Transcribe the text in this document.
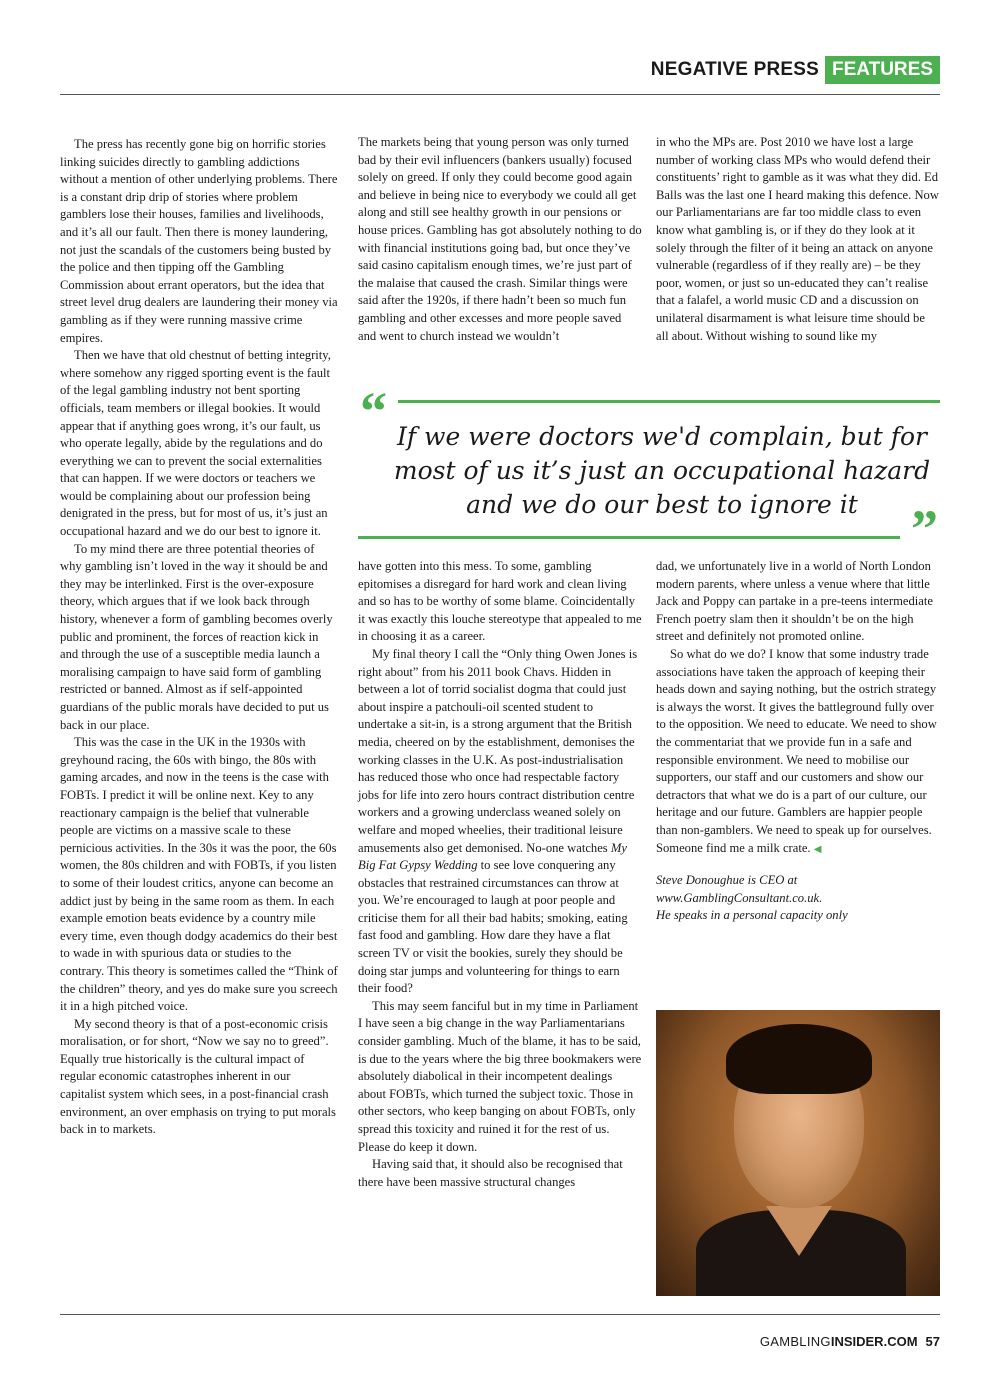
NEGATIVE PRESS FEATURES

The press has recently gone big on horrific stories linking suicides directly to gambling addictions without a mention of other underlying problems. There is a constant drip drip of stories where problem gamblers lose their houses, families and livelihoods, and it’s all our fault. Then there is money laundering, not just the scandals of the customers being busted by the police and then tipping off the Gambling Commission about errant operators, but the idea that street level drug dealers are laundering their money via gambling as if they were running massive crime empires.

Then we have that old chestnut of betting integrity, where somehow any rigged sporting event is the fault of the legal gambling industry not bent sporting officials, team members or illegal bookies. It would appear that if anything goes wrong, it’s our fault, us who operate legally, abide by the regulations and do everything we can to prevent the social externalities that can happen. If we were doctors or teachers we would be complaining about our profession being denigrated in the press, but for most of us, it’s just an occupational hazard and we do our best to ignore it.

To my mind there are three potential theories of why gambling isn’t loved in the way it should be and they may be interlinked. First is the over-exposure theory, which argues that if we look back through history, whenever a form of gambling becomes overly public and prominent, the forces of reaction kick in and through the use of a susceptible media launch a moralising campaign to have said form of gambling restricted or banned. Almost as if self-appointed guardians of the public morals have decided to put us back in our place.

This was the case in the UK in the 1930s with greyhound racing, the 60s with bingo, the 80s with gaming arcades, and now in the teens is the case with FOBTs. I predict it will be online next. Key to any reactionary campaign is the belief that vulnerable people are victims on a massive scale to these pernicious activities. In the 30s it was the poor, the 60s women, the 80s children and with FOBTs, if you listen to some of their loudest critics, anyone can become an addict just by being in the same room as them. In each example emotion beats evidence by a country mile every time, even though dodgy academics do their best to wade in with spurious data or studies to the contrary. This theory is sometimes called the “Think of the children” theory, and yes do make sure you screech it in a high pitched voice.

My second theory is that of a post-economic crisis moralisation, or for short, “Now we say no to greed”. Equally true historically is the cultural impact of regular economic catastrophes inherent in our capitalist system which sees, in a post-financial crash environment, an over emphasis on trying to put morals back in to markets.

The markets being that young person was only turned bad by their evil influencers (bankers usually) focused solely on greed. If only they could become good again and believe in being nice to everybody we could all get along and still see healthy growth in our pensions or house prices. Gambling has got absolutely nothing to do with financial institutions going bad, but once they’ve said casino capitalism enough times, we’re just part of the malaise that caused the crash. Similar things were said after the 1920s, if there hadn’t been so much fun gambling and other excesses and more people saved and went to church instead we wouldn’t

in who the MPs are. Post 2010 we have lost a large number of working class MPs who would defend their constituents’ right to gamble as it was what they did. Ed Balls was the last one I heard making this defence. Now our Parliamentarians are far too middle class to even know what gambling is, or if they do they look at it solely through the filter of it being an attack on anyone vulnerable (regardless of if they really are) – be they poor, women, or just so un-educated they can’t realise that a falafel, a world music CD and a discussion on unilateral disarmament is what leisure time should be all about. Without wishing to sound like my

“ If we were doctors we'd complain, but for most of us it’s just an occupational hazard and we do our best to ignore it ”

have gotten into this mess. To some, gambling epitomises a disregard for hard work and clean living and so has to be worthy of some blame. Coincidentally it was exactly this louche stereotype that appealed to me in choosing it as a career.

My final theory I call the “Only thing Owen Jones is right about” from his 2011 book Chavs. Hidden in between a lot of torrid socialist dogma that could just about inspire a patchouli-oil scented student to undertake a sit-in, is a strong argument that the British media, cheered on by the establishment, demonises the working classes in the U.K. As post-industrialisation has reduced those who once had respectable factory jobs for life into zero hours contract distribution centre workers and a growing underclass weaned solely on welfare and moped wheelies, their traditional leisure amusements also get demonised. No-one watches My Big Fat Gypsy Wedding to see love conquering any obstacles that restrained circumstances can throw at you. We’re encouraged to laugh at poor people and criticise them for all their bad habits; smoking, eating fast food and gambling. How dare they have a flat screen TV or visit the bookies, surely they should be doing star jumps and volunteering for things to earn their food?

This may seem fanciful but in my time in Parliament I have seen a big change in the way Parliamentarians consider gambling. Much of the blame, it has to be said, is due to the years where the big three bookmakers were absolutely diabolical in their incompetent dealings about FOBTs, which turned the subject toxic. Those in other sectors, who keep banging on about FOBTs, only spread this toxicity and ruined it for the rest of us. Please do keep it down.

Having said that, it should also be recognised that there have been massive structural changes

dad, we unfortunately live in a world of North London modern parents, where unless a venue where that little Jack and Poppy can partake in a pre-teens intermediate French poetry slam then it shouldn’t be on the high street and definitely not promoted online.

So what do we do? I know that some industry trade associations have taken the approach of keeping their heads down and saying nothing, but the ostrich strategy is always the worst. It gives the battleground fully over to the opposition. We need to educate. We need to show the commentariat that we provide fun in a safe and responsible environment. We need to mobilise our supporters, our staff and our customers and show our detractors that what we do is a part of our culture, our heritage and our future. Gamblers are happier people than non-gamblers. We need to speak up for ourselves. Someone find me a milk crate. ◀

Steve Donoughue is CEO at
www.GamblingConsultant.co.uk.
He speaks in a personal capacity only
GAMBLING INSIDER .COM 57
